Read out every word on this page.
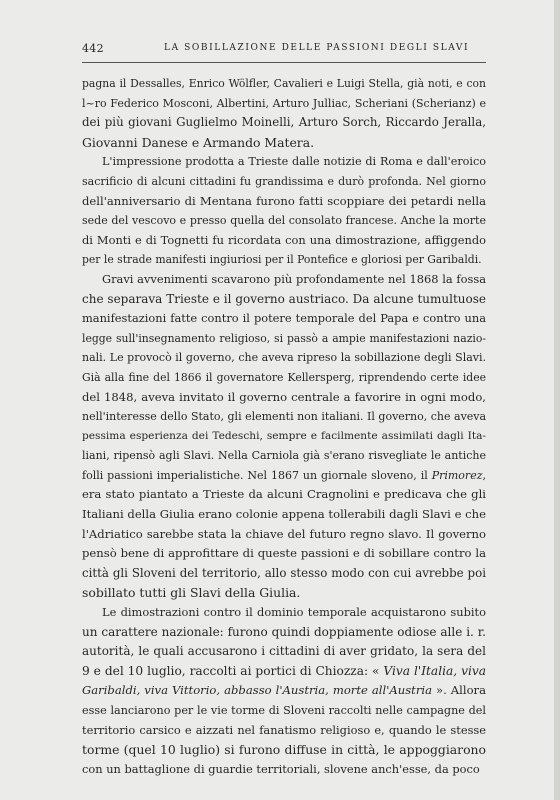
442	LA SOBILLAZIONE DELLE PASSIONI DEGLI SLAVI
pagna il Dessalles, Enrico Wölfler, Cavalieri e Luigi Stella, già noti, e con
l~ro Federico Mosconi, Albertini, Arturo Julliac, Scheriani (Scherianz) e
dei più giovani Guglielmo Moinelli, Arturo Sorch, Riccardo Jeralla,
Giovanni Danese e Armando Matera.
L'impressione prodotta a Trieste dalle notizie di Roma e dall'eroico
sacrificio di alcuni cittadini fu grandissima e durò profonda. Nel giorno
dell'anniversario di Mentana furono fatti scoppiare dei petardi nella
sede del vescovo e presso quella del consolato francese. Anche la morte
di Monti e di Tognetti fu ricordata con una dimostrazione, affiggendo
per le strade manifesti ingiuriosi per il Pontefice e gloriosi per Garibaldi.
Gravi avvenimenti scavarono più profondamente nel 1868 la fossa
che separava Trieste e il governo austriaco. Da alcune tumultuose
manifestazioni fatte contro il potere temporale del Papa e contro una
legge sull'insegnamento religioso, si passò a ampie manifestazioni nazio-
nali. Le provocò il governo, che aveva ripreso la sobillazione degli Slavi.
Già alla fine del 1866 il governatore Kellersperg, riprendendo certe idee
del 1848, aveva invitato il governo centrale a favorire in ogni modo,
nell'interesse dello Stato, gli elementi non italiani. Il governo, che aveva
pessima esperienza dei Tedeschi, sempre e facilmente assimilati dagli Ita-
liani, ripensò agli Slavi. Nella Carniola già s'erano risvegliate le antiche
folli passioni imperialistiche. Nel 1867 un giornale sloveno, il Primorez,
era stato piantato a Trieste da alcuni Cragnolini e predicava che gli
Italiani della Giulia erano colonie appena tollerabili dagli Slavi e che
l'Adriatico sarebbe stata la chiave del futuro regno slavo. Il governo
pensò bene di approfittare di queste passioni e di sobillare contro la
città gli Sloveni del territorio, allo stesso modo con cui avrebbe poi
sobillato tutti gli Slavi della Giulia.
Le dimostrazioni contro il dominio temporale acquistarono subito
un carattere nazionale: furono quindi doppiamente odiose alle i. r.
autorità, le quali accusarono i cittadini di aver gridato, la sera del
9 e del 10 luglio, raccolti ai portici di Chiozza: « Viva l'Italia, viva
Garibaldi, viva Vittorio, abbasso l'Austria, morte all'Austria ». Allora
esse lanciarono per le vie torme di Sloveni raccolti nelle campagne del
territorio carsico e aizzati nel fanatismo religioso e, quando le stesse
torme (quel 10 luglio) si furono diffuse in città, le appoggiarono
con un battaglione di guardie territoriali, slovene anch'esse, da poco
